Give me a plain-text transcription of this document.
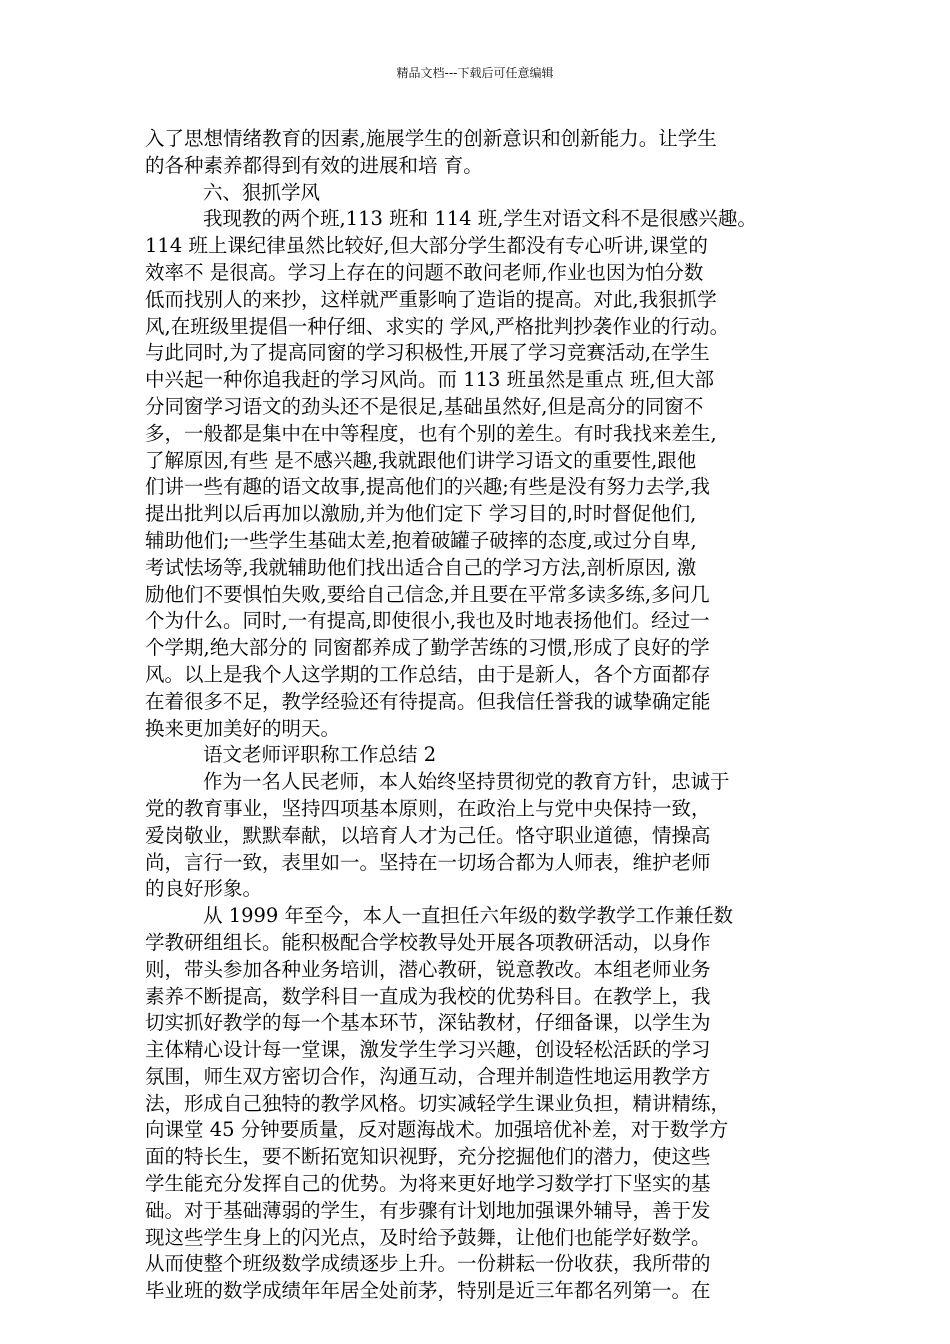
精品文档---下载后可任意编辑
入了思想情绪教育的因素,施展学生的创新意识和创新能力。让学生
的各种素养都得到有效的进展和培 育。
六、狠抓学风
我现教的两个班,113 班和 114 班,学生对语文科不是很感兴趣。
114 班上课纪律虽然比较好,但大部分学生都没有专心听讲,课堂的
效率不 是很高。学习上存在的问题不敢问老师,作业也因为怕分数
低而找别人的来抄，这样就严重影响了造诣的提高。对此,我狠抓学
风,在班级里提倡一种仔细、求实的 学风,严格批判抄袭作业的行动。
与此同时,为了提高同窗的学习积极性,开展了学习竞赛活动,在学生
中兴起一种你追我赶的学习风尚。而 113 班虽然是重点 班,但大部
分同窗学习语文的劲头还不是很足,基础虽然好,但是高分的同窗不
多，一般都是集中在中等程度，也有个别的差生。有时我找来差生,
了解原因,有些 是不感兴趣,我就跟他们讲学习语文的重要性,跟他
们讲一些有趣的语文故事,提高他们的兴趣;有些是没有努力去学,我
提出批判以后再加以激励,并为他们定下 学习目的,时时督促他们,
辅助他们;一些学生基础太差,抱着破罐子破摔的态度,或过分自卑,
考试怯场等,我就辅助他们找出适合自己的学习方法,剖析原因, 激
励他们不要惧怕失败,要给自己信念,并且要在平常多读多练,多问几
个为什么。同时,一有提高,即使很小,我也及时地表扬他们。经过一
个学期,绝大部分的 同窗都养成了勤学苦练的习惯,形成了良好的学
风。以上是我个人这学期的工作总结，由于是新人，各个方面都存
在着很多不足，教学经验还有待提高。但我信任誉我的诚挚确定能
换来更加美好的明天。
语文老师评职称工作总结 2
作为一名人民老师，本人始终坚持贯彻党的教育方针，忠诚于
党的教育事业，坚持四项基本原则，在政治上与党中央保持一致，
爱岗敬业，默默奉献，以培育人才为己任。恪守职业道德，情操高
尚，言行一致，表里如一。坚持在一切场合都为人师表，维护老师
的良好形象。
从 1999 年至今，本人一直担任六年级的数学教学工作兼任数
学教研组组长。能积极配合学校教导处开展各项教研活动，以身作
则，带头参加各种业务培训，潜心教研，锐意教改。本组老师业务
素养不断提高，数学科目一直成为我校的优势科目。在教学上，我
切实抓好教学的每一个基本环节，深钻教材，仔细备课，以学生为
主体精心设计每一堂课，激发学生学习兴趣，创设轻松活跃的学习
氛围，师生双方密切合作，沟通互动，合理并制造性地运用教学方
法，形成自己独特的教学风格。切实减轻学生课业负担，精讲精练，
向课堂 45 分钟要质量，反对题海战术。加强培优补差，对于数学方
面的特长生，要不断拓宽知识视野，充分挖掘他们的潜力，使这些
学生能充分发挥自己的优势。为将来更好地学习数学打下坚实的基
础。对于基础薄弱的学生，有步骤有计划地加强课外辅导，善于发
现这些学生身上的闪光点，及时给予鼓舞，让他们也能学好数学。
从而使整个班级数学成绩逐步上升。一份耕耘一份收获，我所带的
毕业班的数学成绩年年居全处前茅，特别是近三年都名列第一。在
